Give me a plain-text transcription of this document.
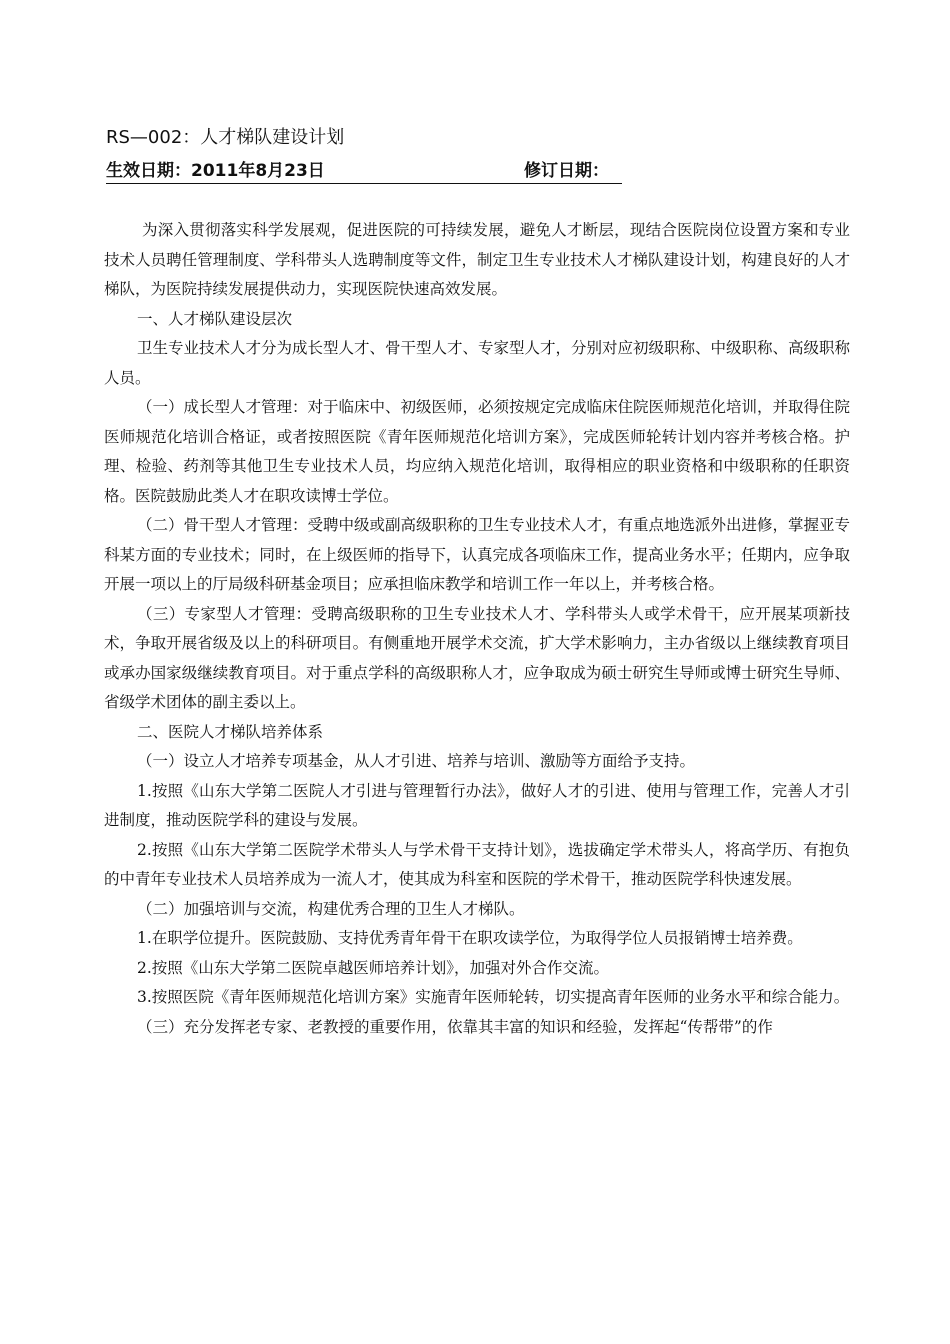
RS—002：人才梯队建设计划
生效日期：2011年8月23日	修订日期：

为深入贯彻落实科学发展观，促进医院的可持续发展，避免人才断层，现结合医院岗位设置方案和专业技术人员聘任管理制度、学科带头人选聘制度等文件，制定卫生专业技术人才梯队建设计划，构建良好的人才梯队，为医院持续发展提供动力，实现医院快速高效发展。

一、人才梯队建设层次

卫生专业技术人才分为成长型人才、骨干型人才、专家型人才，分别对应初级职称、中级职称、高级职称人员。

（一）成长型人才管理：对于临床中、初级医师，必须按规定完成临床住院医师规范化培训，并取得住院医师规范化培训合格证，或者按照医院《青年医师规范化培训方案》，完成医师轮转计划内容并考核合格。护理、检验、药剂等其他卫生专业技术人员，均应纳入规范化培训，取得相应的职业资格和中级职称的任职资格。医院鼓励此类人才在职攻读博士学位。

（二）骨干型人才管理：受聘中级或副高级职称的卫生专业技术人才，有重点地选派外出进修，掌握亚专科某方面的专业技术；同时，在上级医师的指导下，认真完成各项临床工作，提高业务水平；任期内，应争取开展一项以上的厅局级科研基金项目；应承担临床教学和培训工作一年以上，并考核合格。

（三）专家型人才管理：受聘高级职称的卫生专业技术人才、学科带头人或学术骨干，应开展某项新技术，争取开展省级及以上的科研项目。有侧重地开展学术交流，扩大学术影响力，主办省级以上继续教育项目或承办国家级继续教育项目。对于重点学科的高级职称人才，应争取成为硕士研究生导师或博士研究生导师、省级学术团体的副主委以上。

二、医院人才梯队培养体系

（一）设立人才培养专项基金，从人才引进、培养与培训、激励等方面给予支持。

1.按照《山东大学第二医院人才引进与管理暂行办法》，做好人才的引进、使用与管理工作，完善人才引进制度，推动医院学科的建设与发展。

2.按照《山东大学第二医院学术带头人与学术骨干支持计划》，选拔确定学术带头人，将高学历、有抱负的中青年专业技术人员培养成为一流人才，使其成为科室和医院的学术骨干，推动医院学科快速发展。

（二）加强培训与交流，构建优秀合理的卫生人才梯队。

1.在职学位提升。医院鼓励、支持优秀青年骨干在职攻读学位，为取得学位人员报销博士培养费。

2.按照《山东大学第二医院卓越医师培养计划》，加强对外合作交流。

3.按照医院《青年医师规范化培训方案》实施青年医师轮转，切实提高青年医师的业务水平和综合能力。

（三）充分发挥老专家、老教授的重要作用，依靠其丰富的知识和经验，发挥起“传帮带”的作
